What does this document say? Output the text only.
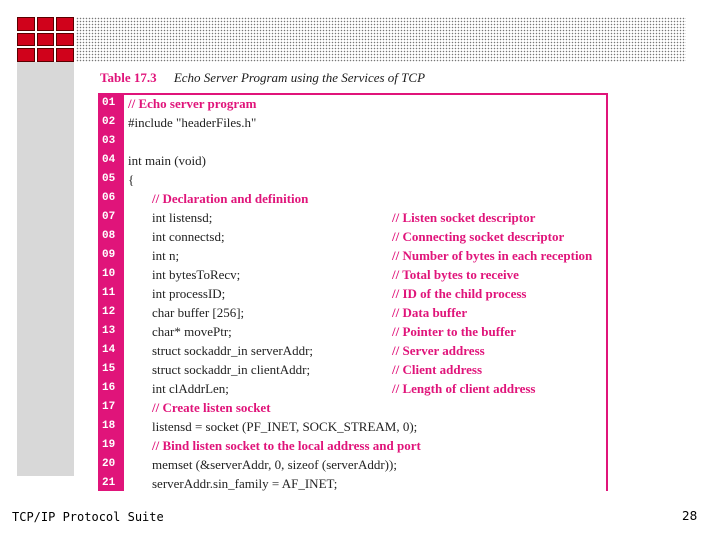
Table 17.3 Echo Server Program using the Services of TCP
01 // Echo server program
02 #include "headerFiles.h"
03
04 int main (void)
05 {
06	// Declaration and definition
07	int listensd;	// Listen socket descriptor
08	int connectsd;	// Connecting socket descriptor
09	int n;	// Number of bytes in each reception
10	int bytesToRecv;	// Total bytes to receive
11	int processID;	// ID of the child process
12	char buffer [256];	// Data buffer
13	char* movePtr;	// Pointer to the buffer
14	struct sockaddr_in serverAddr;	// Server address
15	struct sockaddr_in clientAddr;	// Client address
16	int clAddrLen;	// Length of client address
17	// Create listen socket
18	listensd = socket (PF_INET, SOCK_STREAM, 0);
19	// Bind listen socket to the local address and port
20	memset (&serverAddr, 0, sizeof (serverAddr));
21	serverAddr.sin_family = AF_INET;
TCP/IP Protocol Suite	28
